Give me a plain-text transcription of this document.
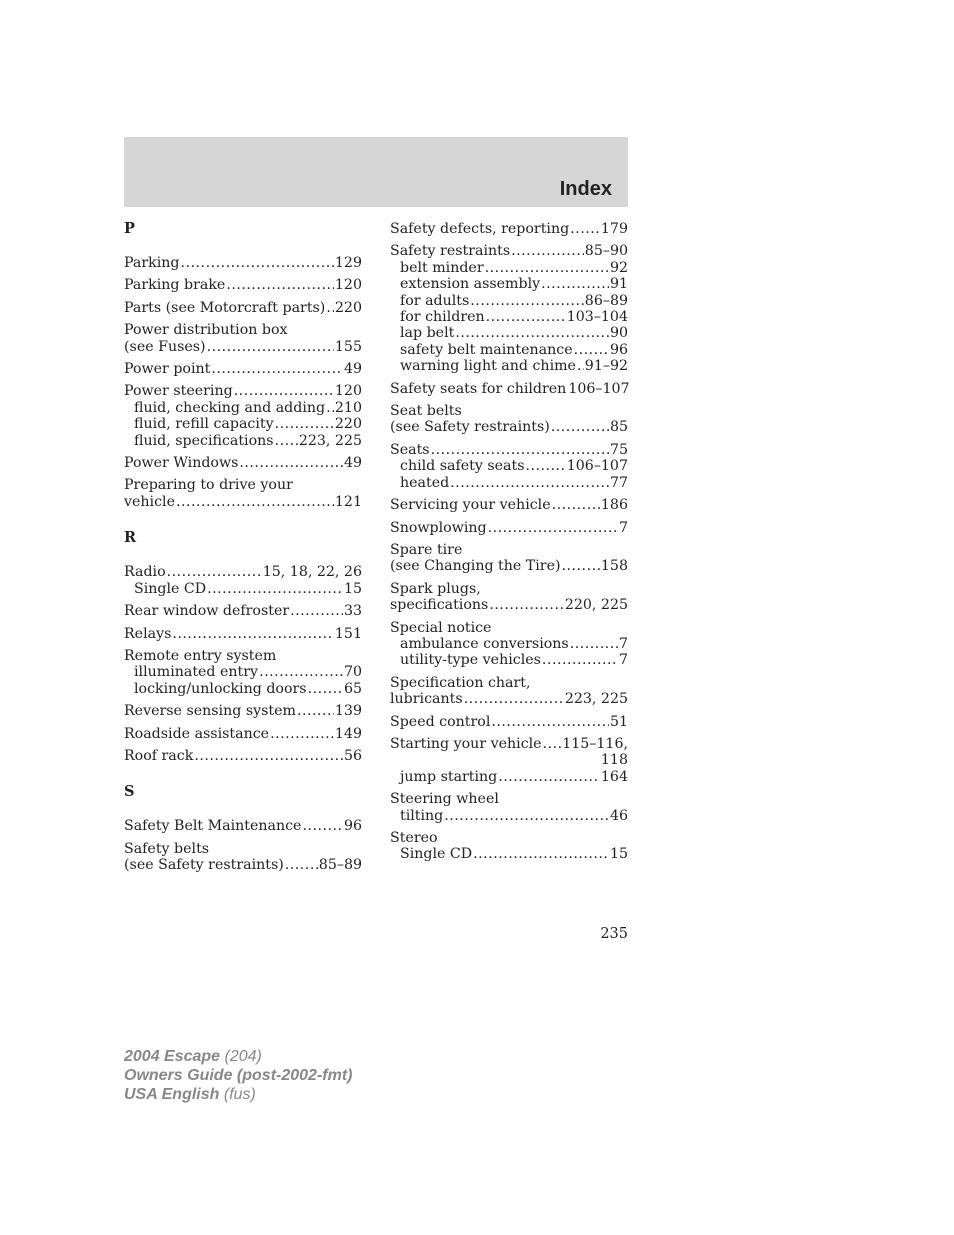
Index
P
Parking .....	129
Parking brake .....	120
Parts (see Motorcraft parts) ..... 220
Power distribution box
(see Fuses) .....	155
Power point .....	49
Power steering .....	120
fluid, checking and adding ..... 210
fluid, refill capacity .....	220
fluid, specifications ..... 223, 225
Power Windows .....	49
Preparing to drive your
vehicle .....	121
R
Radio .....	15, 18, 22, 26
Single CD .....	15
Rear window defroster .....	33
Relays .....	151
Remote entry system
illuminated entry .....	70
locking/unlocking doors .....	65
Reverse sensing system .....	139
Roadside assistance .....	149
Roof rack .....	56
S
Safety Belt Maintenance .....	96
Safety belts
(see Safety restraints) ..... 85–89
Safety defects, reporting ..... 179
Safety restraints .....	85–90
belt minder .....	92
extension assembly .....	91
for adults .....	86–89
for children .....	103–104
lap belt .....	90
safety belt maintenance .....	96
warning light and chime ..... 91–92
Safety seats for children 106–107
Seat belts
(see Safety restraints) .....	85
Seats .....	75
child safety seats .....	106–107
heated .....	77
Servicing your vehicle .....	186
Snowplowing .....	7
Spare tire
(see Changing the Tire) .....	158
Spark plugs,
specifications .....	220, 225
Special notice
ambulance conversions .....	7
utility-type vehicles .....	7
Specification chart,
lubricants .....	223, 225
Speed control .....	51
Starting your vehicle ..... 115–116,
118
jump starting .....	164
Steering wheel
tilting .....	46
Stereo
Single CD .....	15
235
2004 Escape (204)
Owners Guide (post-2002-fmt)
USA English (fus)
